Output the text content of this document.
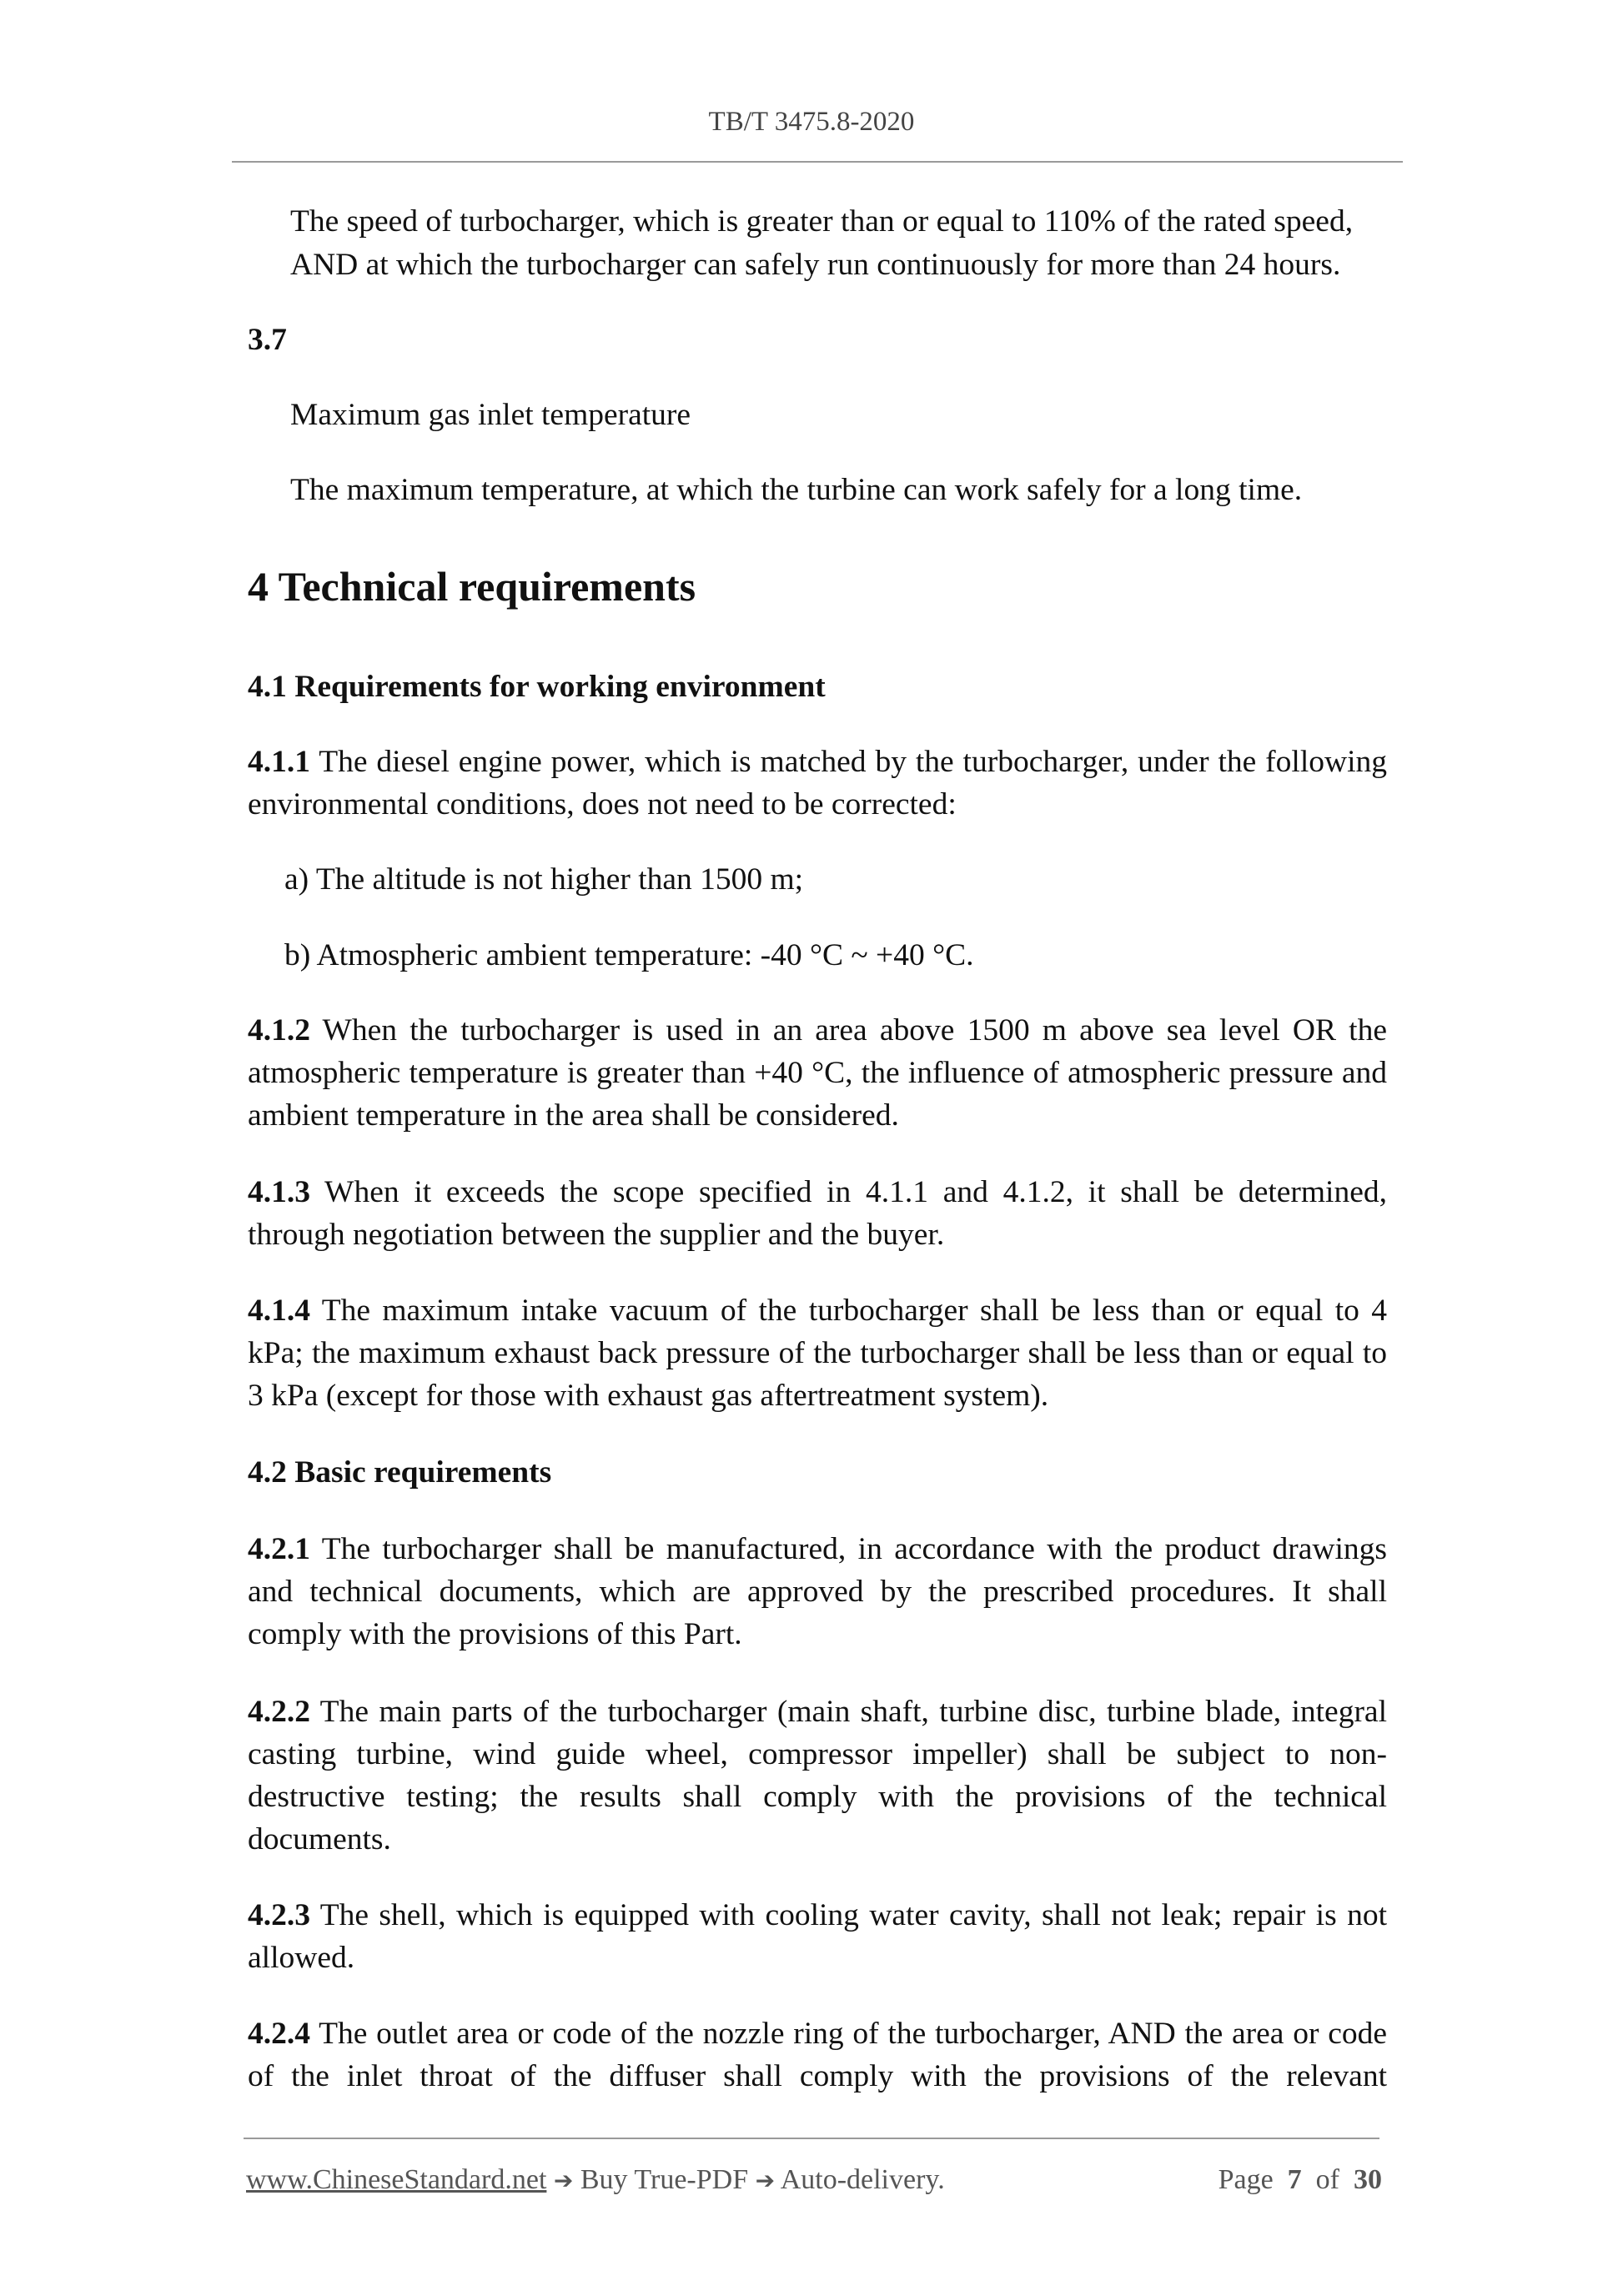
TB/T 3475.8-2020
The speed of turbocharger, which is greater than or equal to 110% of the rated speed,
AND at which the turbocharger can safely run continuously for more than 24 hours.
3.7
Maximum gas inlet temperature
The maximum temperature, at which the turbine can work safely for a long time.
4 Technical requirements
4.1 Requirements for working environment
4.1.1 The diesel engine power, which is matched by the turbocharger, under the following environmental conditions, does not need to be corrected:
a) The altitude is not higher than 1500 m;
b) Atmospheric ambient temperature: -40 °C ~ +40 °C.
4.1.2 When the turbocharger is used in an area above 1500 m above sea level OR the atmospheric temperature is greater than +40 °C, the influence of atmospheric pressure and ambient temperature in the area shall be considered.
4.1.3 When it exceeds the scope specified in 4.1.1 and 4.1.2, it shall be determined, through negotiation between the supplier and the buyer.
4.1.4 The maximum intake vacuum of the turbocharger shall be less than or equal to 4 kPa; the maximum exhaust back pressure of the turbocharger shall be less than or equal to 3 kPa (except for those with exhaust gas aftertreatment system).
4.2 Basic requirements
4.2.1 The turbocharger shall be manufactured, in accordance with the product drawings and technical documents, which are approved by the prescribed procedures. It shall comply with the provisions of this Part.
4.2.2 The main parts of the turbocharger (main shaft, turbine disc, turbine blade, integral casting turbine, wind guide wheel, compressor impeller) shall be subject to non-destructive testing; the results shall comply with the provisions of the technical documents.
4.2.3 The shell, which is equipped with cooling water cavity, shall not leak; repair is not allowed.
4.2.4 The outlet area or code of the nozzle ring of the turbocharger, AND the area or code of the inlet throat of the diffuser shall comply with the provisions of the relevant
www.ChineseStandard.net ➔ Buy True-PDF ➔ Auto-delivery.	Page 7 of 30
